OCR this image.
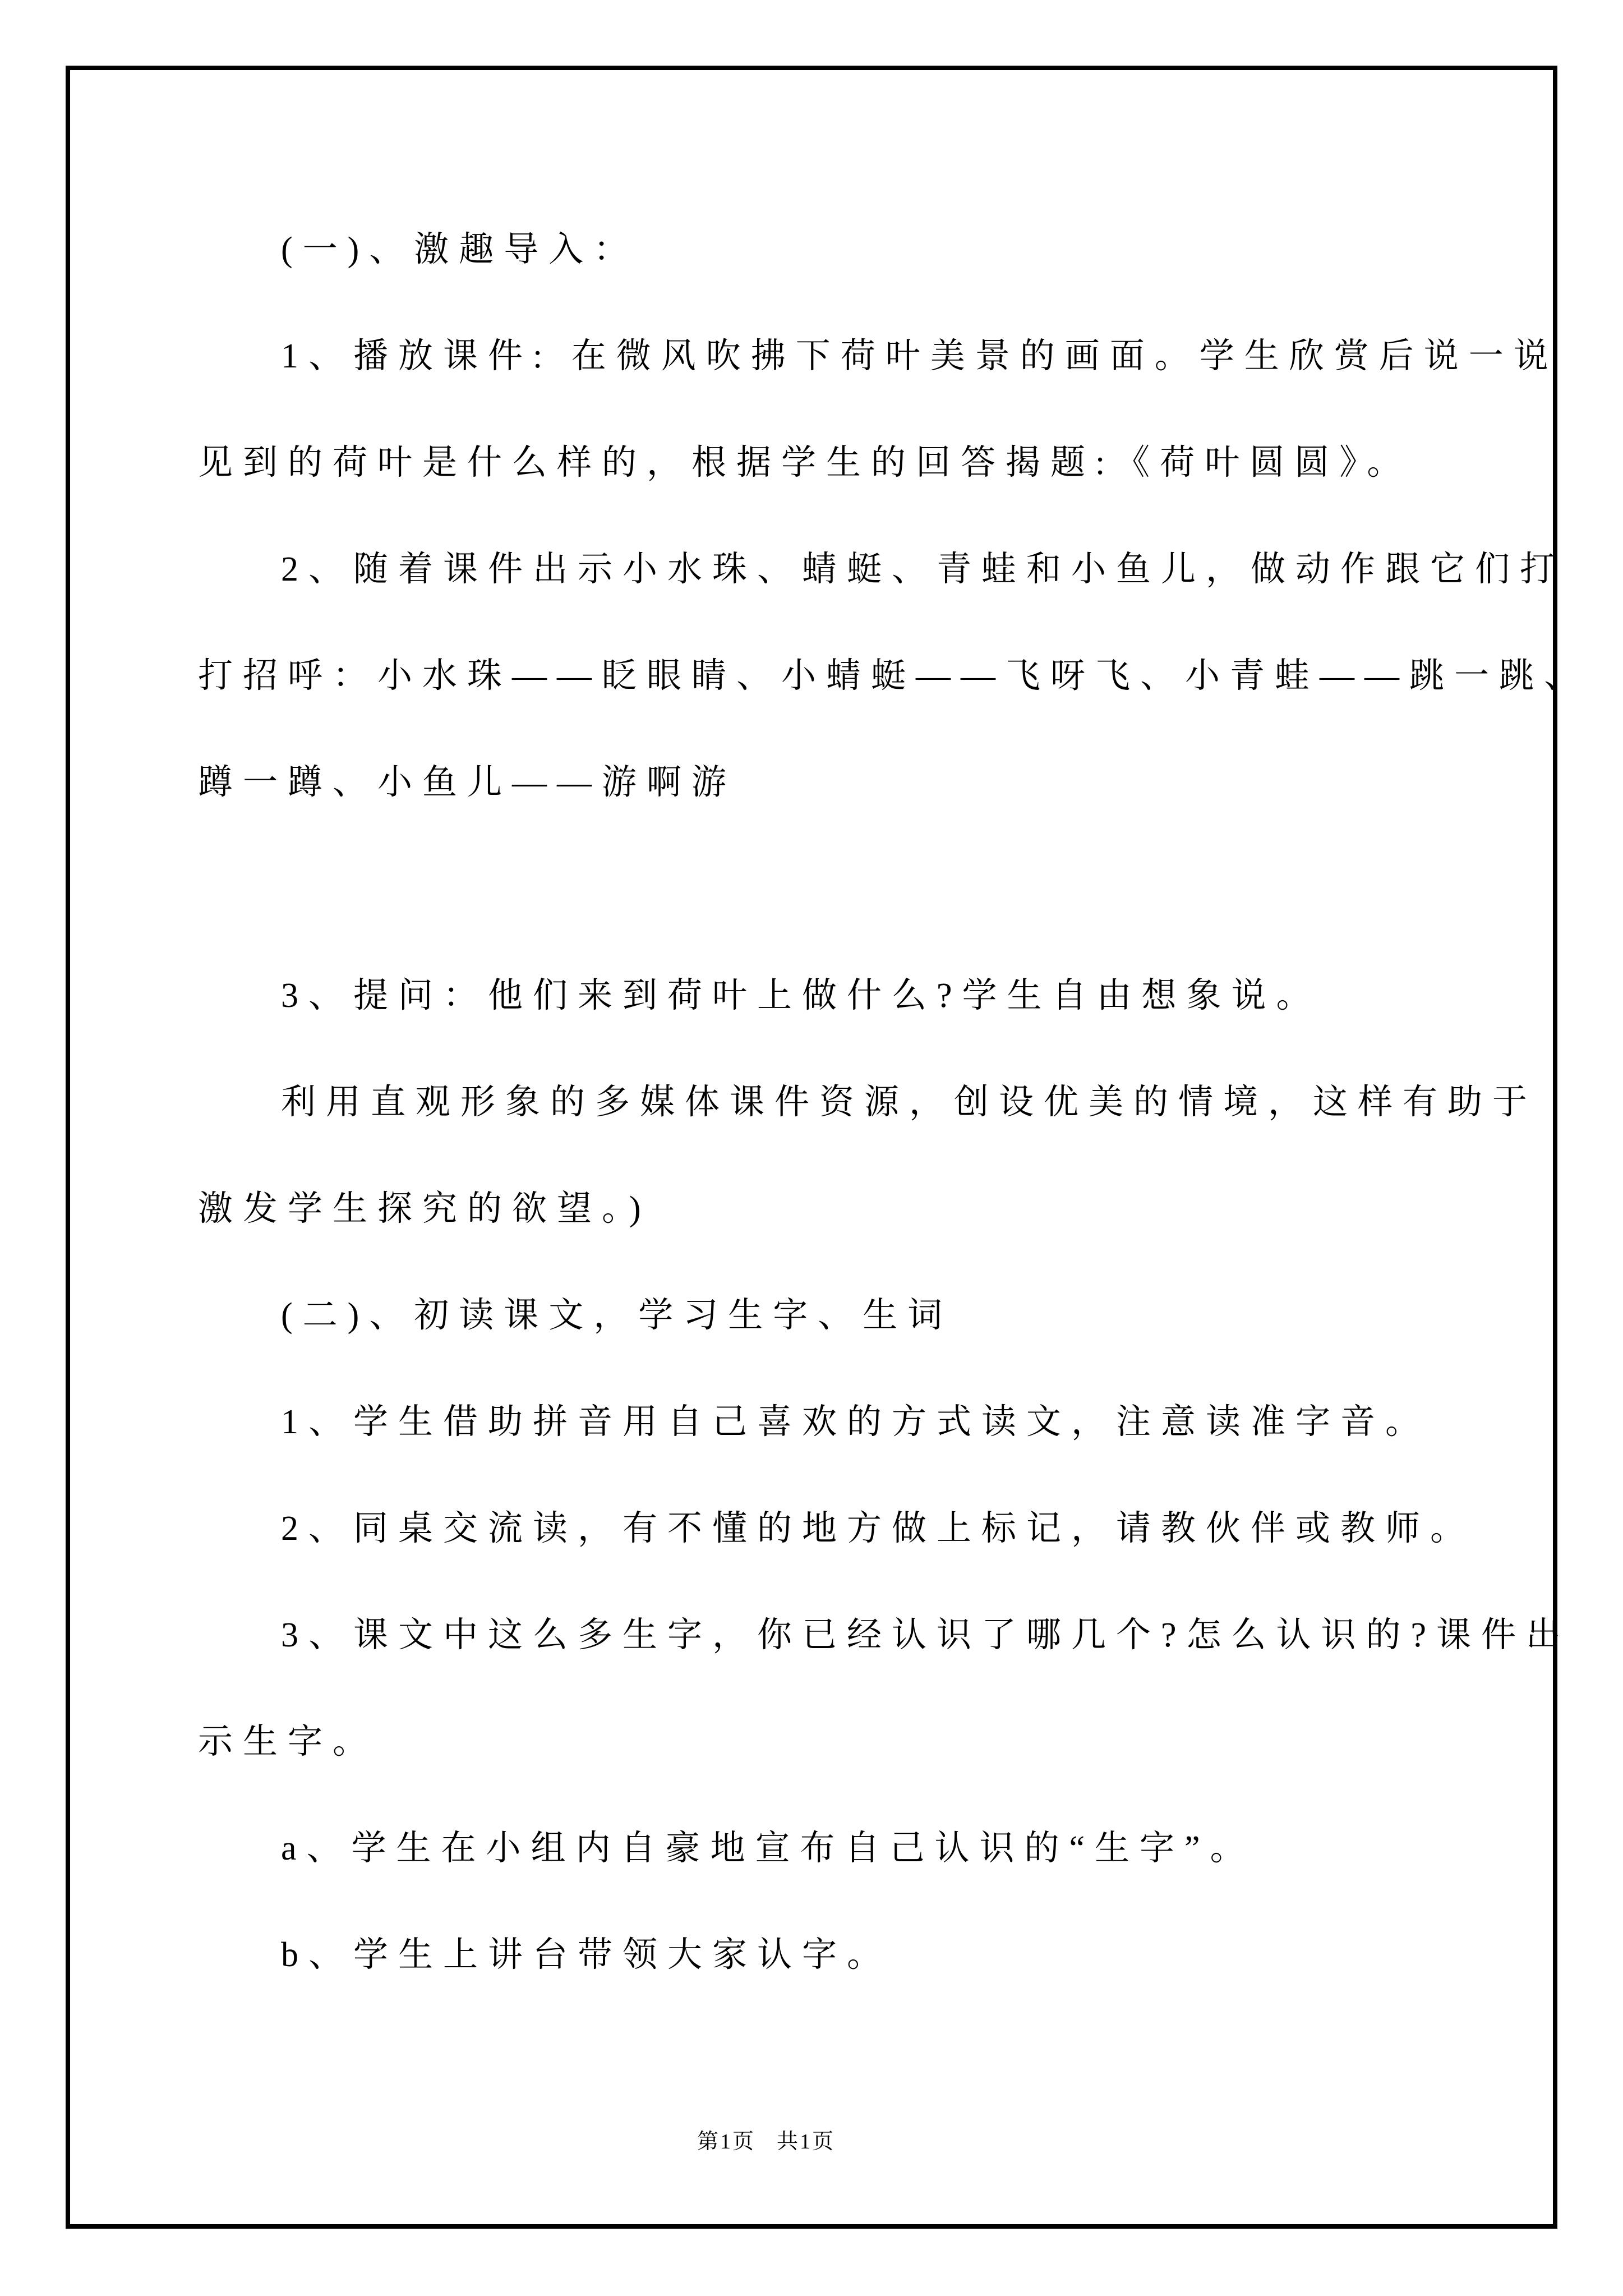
(一)、激趣导入：
1、播放课件: 在微风吹拂下荷叶美景的画面。学生欣赏后说一说
见到的荷叶是什么样的，根据学生的回答揭题:《荷叶圆圆》。
2、随着课件出示小水珠、蜻蜓、青蛙和小鱼儿，做动作跟它们打
打招呼：小水珠——眨眼睛、小蜻蜓——飞呀飞、小青蛙——跳一跳、
蹲一蹲、小鱼儿——游啊游
3、提问：他们来到荷叶上做什么?学生自由想象说。
利用直观形象的多媒体课件资源，创设优美的情境，这样有助于
激发学生探究的欲望。)
(二)、初读课文，学习生字、生词
1、学生借助拼音用自己喜欢的方式读文，注意读准字音。
2、同桌交流读，有不懂的地方做上标记，请教伙伴或教师。
3、课文中这么多生字，你已经认识了哪几个?怎么认识的?课件出
示生字。
a、学生在小组内自豪地宣布自己认识的“生字”。
b、学生上讲台带领大家认字。
第1页 共1页
